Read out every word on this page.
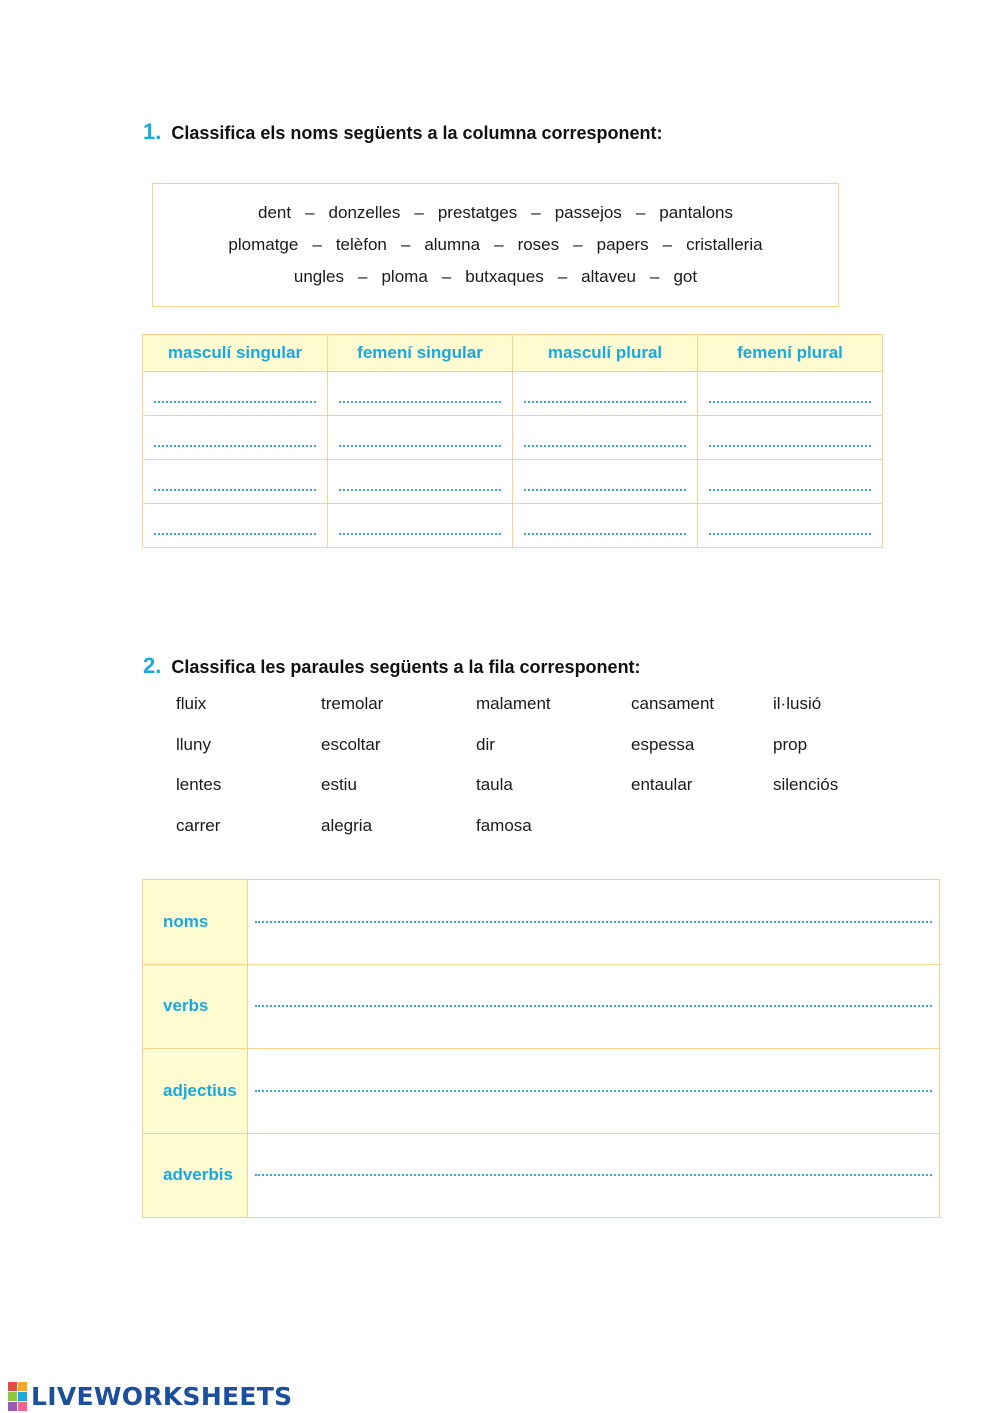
1. Classifica els noms següents a la columna corresponent:
dent – donzelles – prestatges – passejos – pantalons
plomatge – telèfon – alumna – roses – papers – cristalleria
ungles – ploma – butxaques – altaveu – got
masculí singular	femení singular	masculí plural	femení plural

2. Classifica les paraules següents a la fila corresponent:
fluix	tremolar	malament	cansament	il·lusió
lluny	escoltar	dir	espessa	prop
lentes	estiu	taula	entaular	silenciós
carrer	alegria	famosa
noms	

verbs	

adjectius	

adverbis	
LIVEWORKSHEETS
